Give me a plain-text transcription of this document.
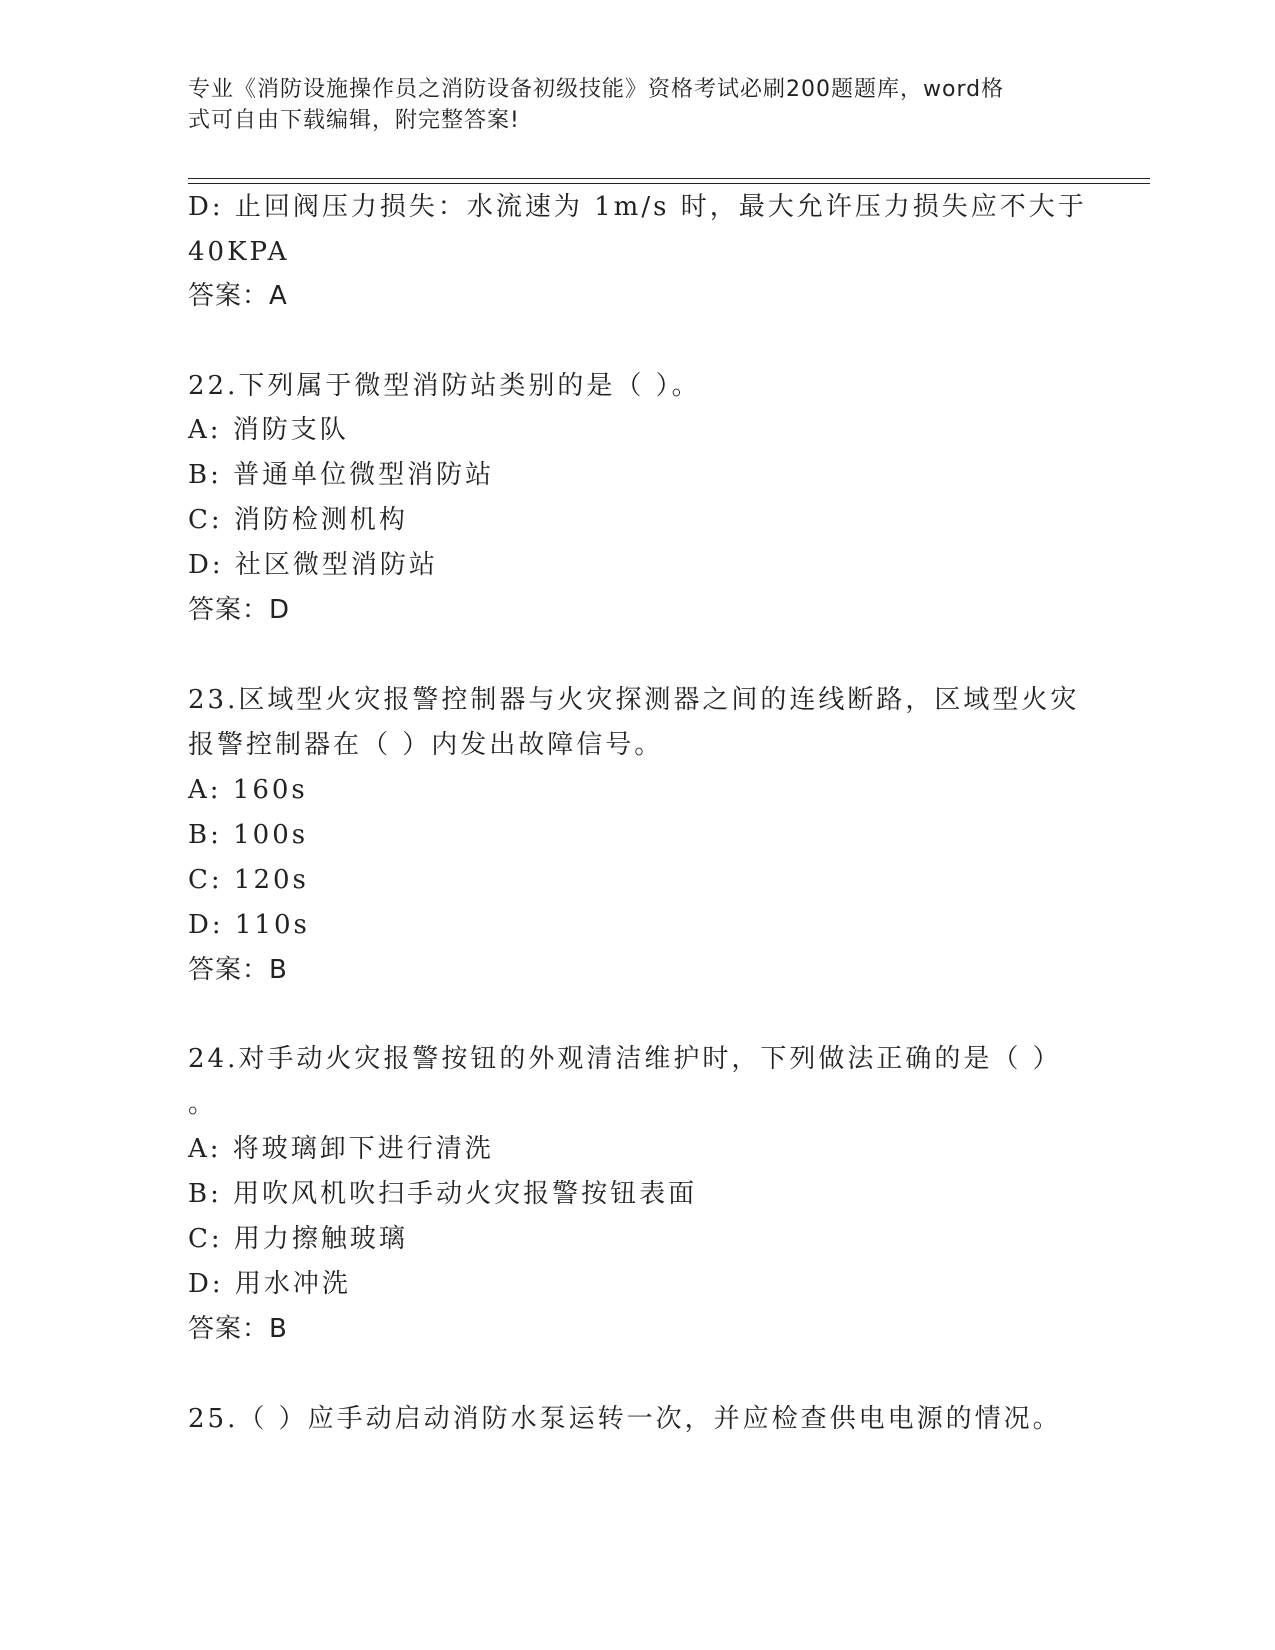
专业《消防设施操作员之消防设备初级技能》资格考试必刷200题题库，word格
式可自由下载编辑，附完整答案!
D: 止回阀压力损失：水流速为 1m/s 时，最大允许压力损失应不大于
40KPA
答案：A
22.下列属于微型消防站类别的是（ ）。
A: 消防支队
B: 普通单位微型消防站
C: 消防检测机构
D: 社区微型消防站
答案：D
23.区域型火灾报警控制器与火灾探测器之间的连线断路，区域型火灾
报警控制器在（ ）内发出故障信号。
A: 160s
B: 100s
C: 120s
D: 110s
答案：B
24.对手动火灾报警按钮的外观清洁维护时，下列做法正确的是（ ）
。
A: 将玻璃卸下进行清洗
B: 用吹风机吹扫手动火灾报警按钮表面
C: 用力擦触玻璃
D: 用水冲洗
答案：B
25.（ ）应手动启动消防水泵运转一次，并应检查供电电源的情况。
